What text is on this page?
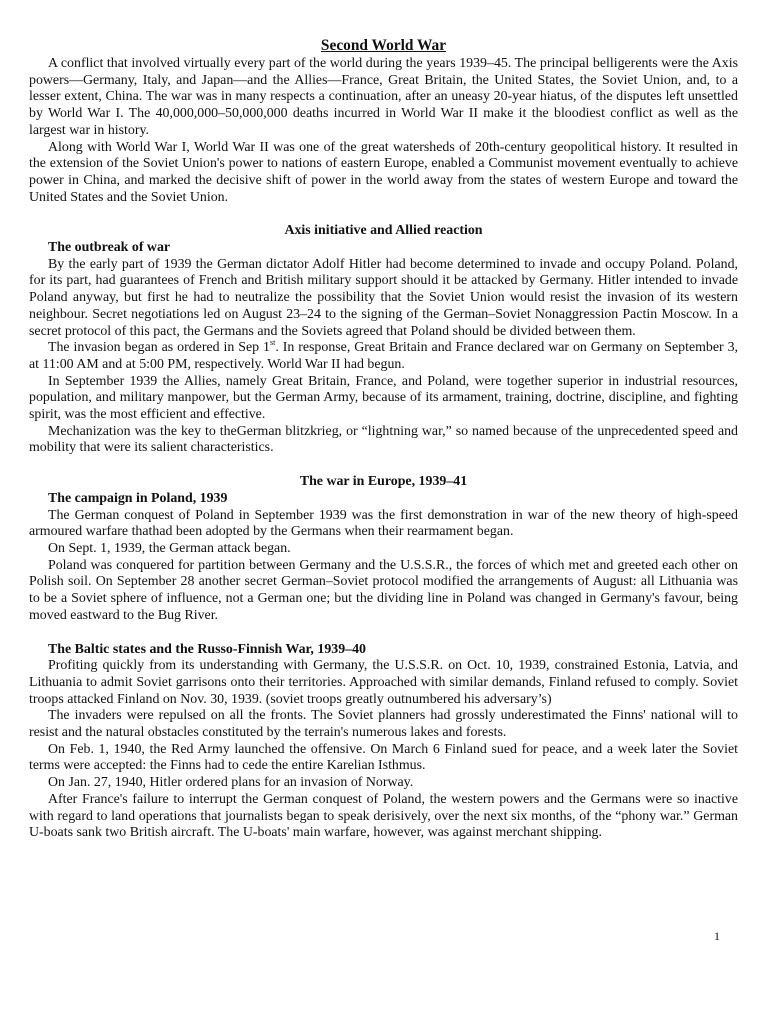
Second World War

A conflict that involved virtually every part of the world during the years 1939–45. The principal belligerents were the Axis powers—Germany, Italy, and Japan—and the Allies—France, Great Britain, the United States, the Soviet Union, and, to a lesser extent, China. The war was in many respects a continuation, after an uneasy 20-year hiatus, of the disputes left unsettled by World War I. The 40,000,000–50,000,000 deaths incurred in World War II make it the bloodiest conflict as well as the largest war in history.

Along with World War I, World War II was one of the great watersheds of 20th-century geopolitical history. It resulted in the extension of the Soviet Union's power to nations of eastern Europe, enabled a Communist movement eventually to achieve power in China, and marked the decisive shift of power in the world away from the states of western Europe and toward the United States and the Soviet Union.

Axis initiative and Allied reaction
The outbreak of war

By the early part of 1939 the German dictator Adolf Hitler had become determined to invade and occupy Poland. Poland, for its part, had guarantees of French and British military support should it be attacked by Germany. Hitler intended to invade Poland anyway, but first he had to neutralize the possibility that the Soviet Union would resist the invasion of its western neighbour. Secret negotiations led on August 23–24 to the signing of the German–Soviet Nonaggression Pactin Moscow. In a secret protocol of this pact, the Germans and the Soviets agreed that Poland should be divided between them.

The invasion began as ordered in Sep 1st. In response, Great Britain and France declared war on Germany on September 3, at 11:00 AM and at 5:00 PM, respectively. World War II had begun.

In September 1939 the Allies, namely Great Britain, France, and Poland, were together superior in industrial resources, population, and military manpower, but the German Army, because of its armament, training, doctrine, discipline, and fighting spirit, was the most efficient and effective.

Mechanization was the key to theGerman blitzkrieg, or “lightning war,” so named because of the unprecedented speed and mobility that were its salient characteristics.

The war in Europe, 1939–41
The campaign in Poland, 1939

The German conquest of Poland in September 1939 was the first demonstration in war of the new theory of high-speed armoured warfare thathad been adopted by the Germans when their rearmament began.

On Sept. 1, 1939, the German attack began.

Poland was conquered for partition between Germany and the U.S.S.R., the forces of which met and greeted each other on Polish soil. On September 28 another secret German–Soviet protocol modified the arrangements of August: all Lithuania was to be a Soviet sphere of influence, not a German one; but the dividing line in Poland was changed in Germany's favour, being moved eastward to the Bug River.

The Baltic states and the Russo-Finnish War, 1939–40

Profiting quickly from its understanding with Germany, the U.S.S.R. on Oct. 10, 1939, constrained Estonia, Latvia, and Lithuania to admit Soviet garrisons onto their territories. Approached with similar demands, Finland refused to comply. Soviet troops attacked Finland on Nov. 30, 1939. (soviet troops greatly outnumbered his adversary’s)

The invaders were repulsed on all the fronts. The Soviet planners had grossly underestimated the Finns' national will to resist and the natural obstacles constituted by the terrain's numerous lakes and forests.

On Feb. 1, 1940, the Red Army launched the offensive. On March 6 Finland sued for peace, and a week later the Soviet terms were accepted: the Finns had to cede the entire Karelian Isthmus.

On Jan. 27, 1940, Hitler ordered plans for an invasion of Norway.

After France's failure to interrupt the German conquest of Poland, the western powers and the Germans were so inactive with regard to land operations that journalists began to speak derisively, over the next six months, of the “phony war.” German U-boats sank two British aircraft. The U-boats' main warfare, however, was against merchant shipping.

1
